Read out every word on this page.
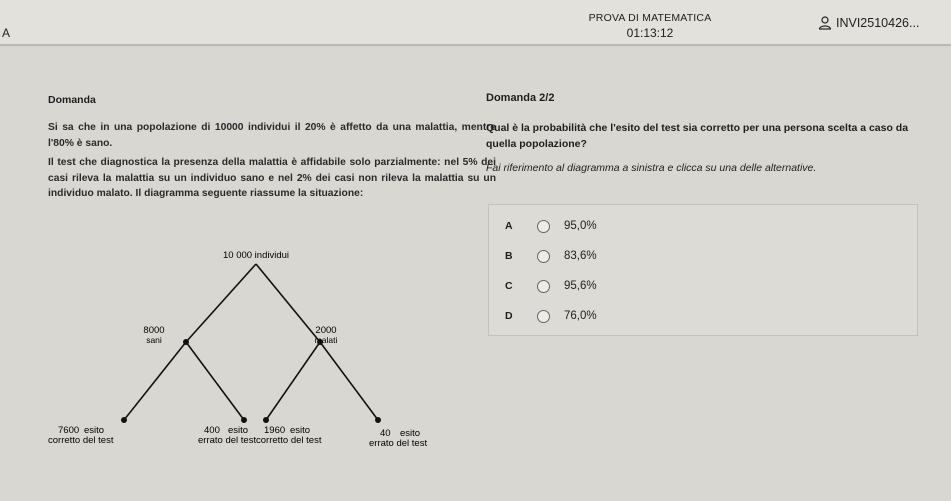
A
PROVA DI MATEMATICA
01:13:12
INVI2510426...
Domanda

Si sa che in una popolazione di 10000 individui il 20% è affetto da una malattia, mentre l'80% è sano.

Il test che diagnostica la presenza della malattia è affidabile solo parzialmente: nel 5% dei casi rileva la malattia su un individuo sano e nel 2% dei casi non rileva la malattia su un individuo malato. Il diagramma seguente riassume la situazione:

10 000 individui
8000
sani
2000
malati
7600 esito
corretto del test
400 esito
errato del test
1960 esito
corretto del test
40 esito
errato del test
Domanda 2/2
Qual è la probabilità che l'esito del test sia corretto per una persona scelta a caso da quella popolazione?
Fai riferimento al diagramma a sinistra e clicca su una delle alternative.
A	95,0%
B	83,6%
C	95,6%
D	76,0%
